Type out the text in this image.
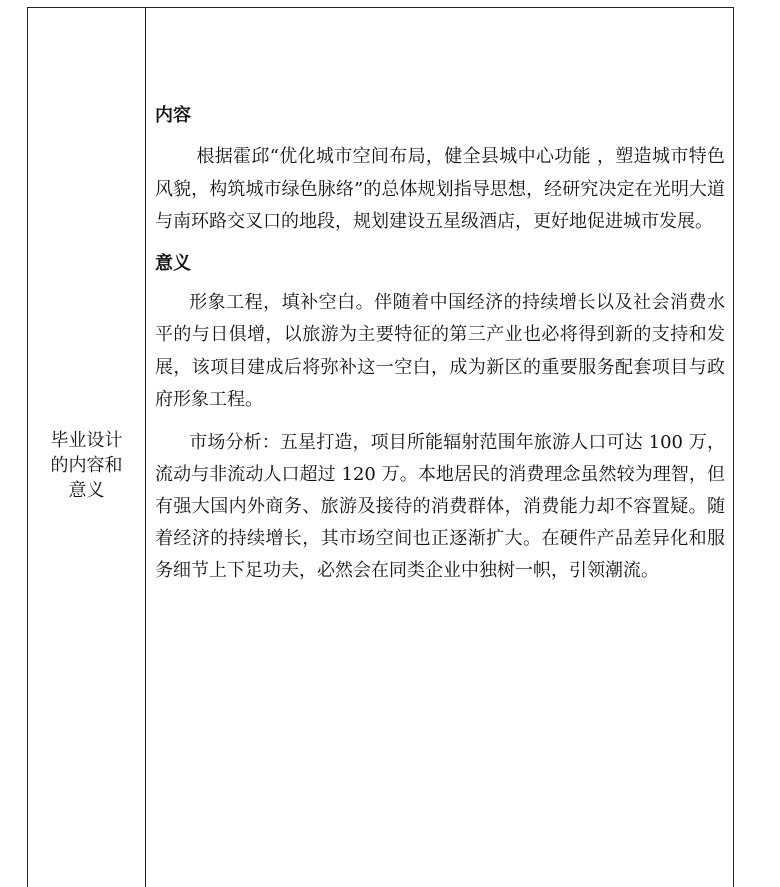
毕业设计
的内容和
意义
内容

根据霍邱“优化城市空间布局，健全县城中心功能 ，塑造城市特色风貌，构筑城市绿色脉络”的总体规划指导思想，经研究决定在光明大道与南环路交叉口的地段，规划建设五星级酒店，更好地促进城市发展。

意义

形象工程，填补空白。伴随着中国经济的持续增长以及社会消费水平的与日俱增，以旅游为主要特征的第三产业也必将得到新的支持和发展，该项目建成后将弥补这一空白，成为新区的重要服务配套项目与政府形象工程。

市场分析：五星打造，项目所能辐射范围年旅游人口可达 100 万，流动与非流动人口超过 120 万。本地居民的消费理念虽然较为理智，但有强大国内外商务、旅游及接待的消费群体，消费能力却不容置疑。随着经济的持续增长，其市场空间也正逐渐扩大。在硬件产品差异化和服务细节上下足功夫，必然会在同类企业中独树一帜，引领潮流。
